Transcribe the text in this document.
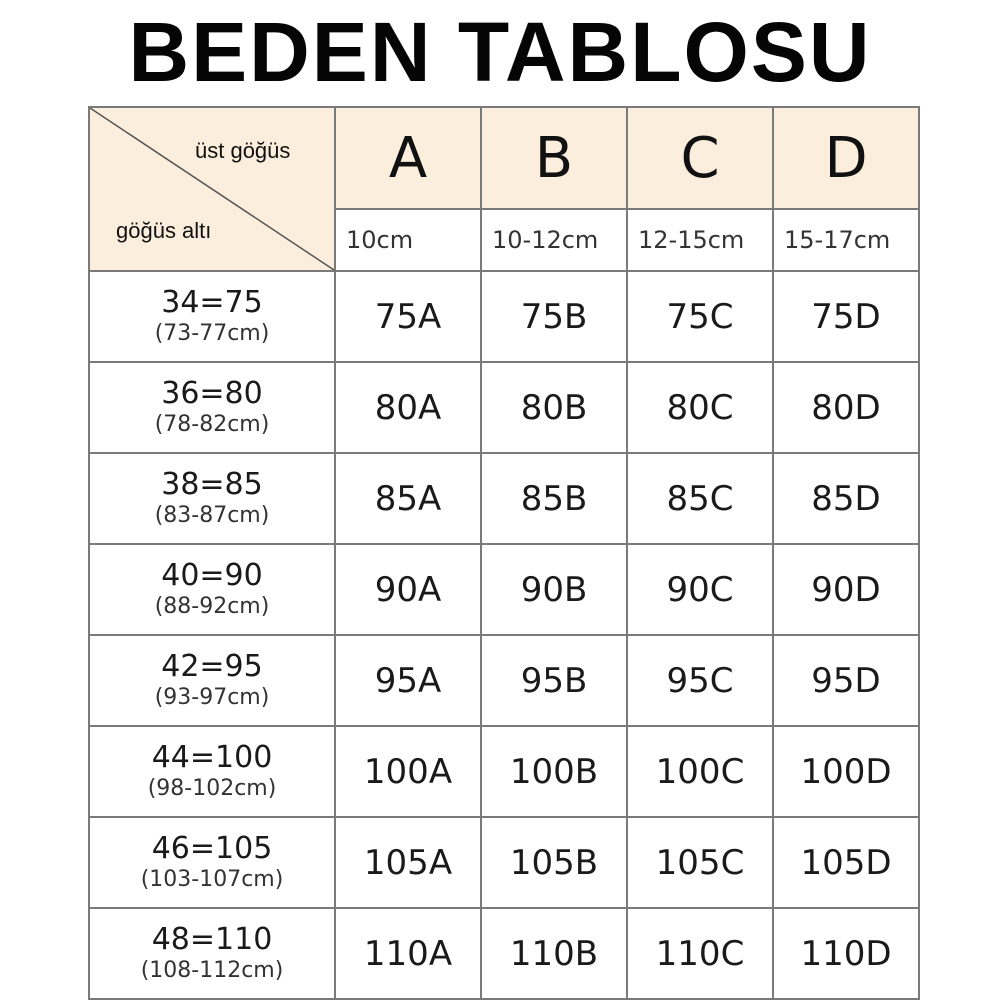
BEDEN TABLOSU
üst göğüs
göğüs altı	A	B	C	D
	10cm	10-12cm	12-15cm	15-17cm

34=75
(73-77cm)	75A	75B	75C	75D

36=80
(78-82cm)	80A	80B	80C	80D

38=85
(83-87cm)	85A	85B	85C	85D

40=90
(88-92cm)	90A	90B	90C	90D

42=95
(93-97cm)	95A	95B	95C	95D

44=100
(98-102cm)	100A	100B	100C	100D

46=105
(103-107cm)	105A	105B	105C	105D

48=110
(108-112cm)	110A	110B	110C	110D
